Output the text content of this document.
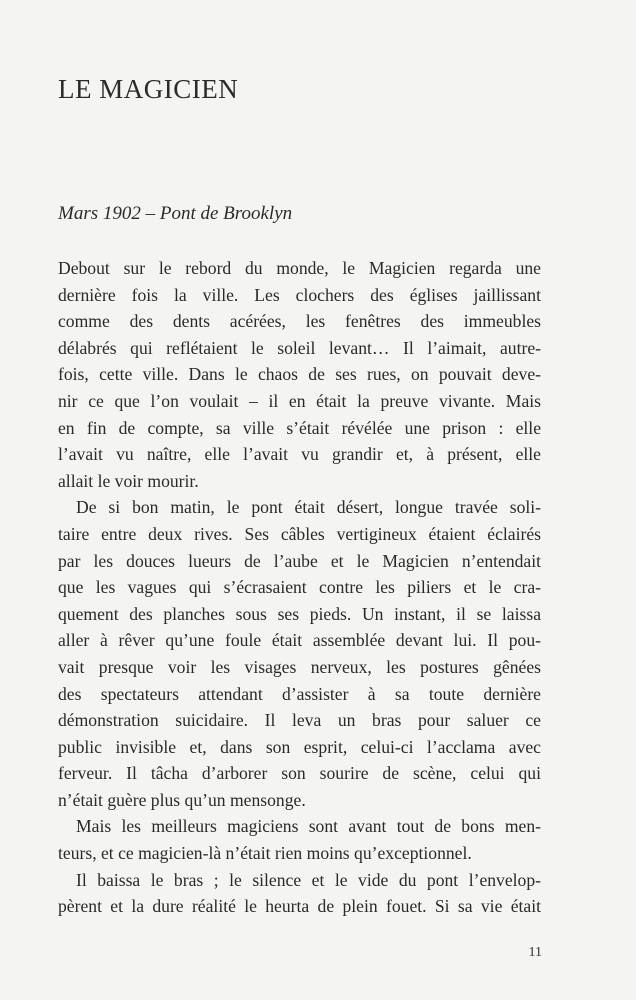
LE MAGICIEN

Mars 1902 – Pont de Brooklyn

Debout sur le rebord du monde, le Magicien regarda une
dernière fois la ville. Les clochers des églises jaillissant
comme des dents acérées, les fenêtres des immeubles
délabrés qui reflétaient le soleil levant… Il l’aimait, autre-
fois, cette ville. Dans le chaos de ses rues, on pouvait deve-
nir ce que l’on voulait – il en était la preuve vivante. Mais
en fin de compte, sa ville s’était révélée une prison : elle
l’avait vu naître, elle l’avait vu grandir et, à présent, elle
allait le voir mourir.
De si bon matin, le pont était désert, longue travée soli-
taire entre deux rives. Ses câbles vertigineux étaient éclairés
par les douces lueurs de l’aube et le Magicien n’entendait
que les vagues qui s’écrasaient contre les piliers et le cra-
quement des planches sous ses pieds. Un instant, il se laissa
aller à rêver qu’une foule était assemblée devant lui. Il pou-
vait presque voir les visages nerveux, les postures gênées
des spectateurs attendant d’assister à sa toute dernière
démonstration suicidaire. Il leva un bras pour saluer ce
public invisible et, dans son esprit, celui-ci l’acclama avec
ferveur. Il tâcha d’arborer son sourire de scène, celui qui
n’était guère plus qu’un mensonge.
Mais les meilleurs magiciens sont avant tout de bons men-
teurs, et ce magicien-là n’était rien moins qu’exceptionnel.
Il baissa le bras ; le silence et le vide du pont l’envelop-
pèrent et la dure réalité le heurta de plein fouet. Si sa vie était

11
